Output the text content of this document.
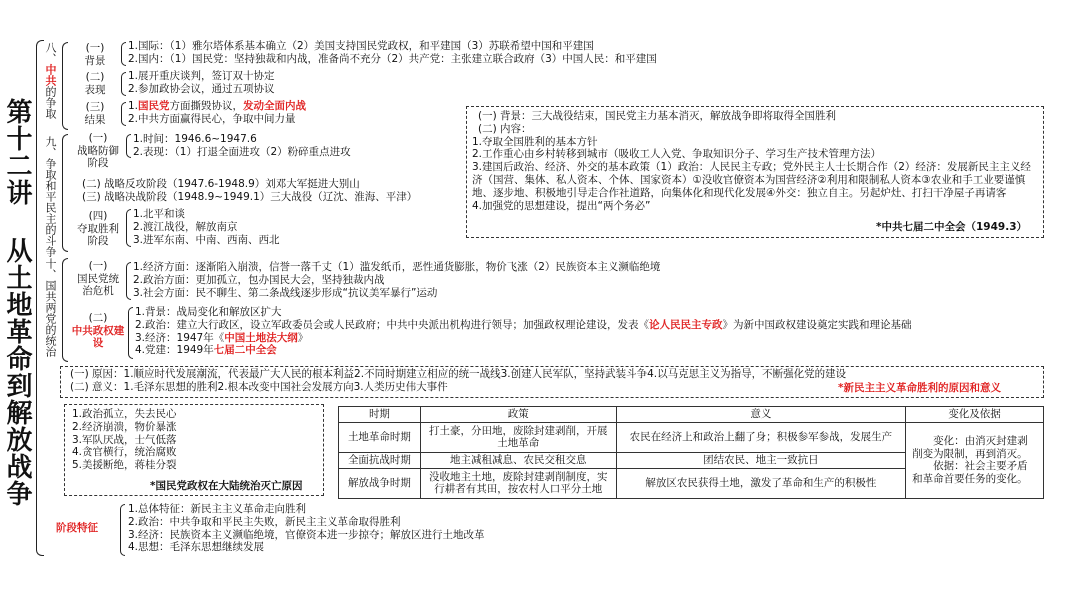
第十二讲 从土地革命到解放战争
八、中共的争取
(一)
背景
1.国际：（1）雅尔塔体系基本确立（2）美国支持国民党政权，和平建国（3）苏联希望中国和平建国
2.国内：（1）国民党：坚持独裁和内战，准备尚不充分（2）共产党：主张建立联合政府（3）中国人民：和平建国
(二)
表现
1.展开重庆谈判，签订双十协定
2.参加政协会议，通过五项协议
(三)
结果
1.国民党方面撕毁协议，发动全面内战
2.中共方面赢得民心，争取中间力量
九、争取和平民主的斗争	(一)
战略防御阶段
1.时间：1946.6~1947.6
2.表现：（1）打退全面进攻（2）粉碎重点进攻
(二) 战略反攻阶段（1947.6-1948.9）刘邓大军挺进大别山
(三) 战略决战阶段（1948.9~1949.1）三大战役（辽沈、淮海、平津）
(四)
夺取胜利阶段
1.北平和谈
2.渡江战役，解放南京
3.进军东南、中南、西南、西北
十、国共两党的统治	(一)
国民党统治危机
1.经济方面：逐渐陷入崩溃，信誉一落千丈（1）滥发纸币，恶性通货膨胀，物价飞涨（2）民族资本主义濒临绝境
2.政治方面：更加孤立，包办国民大会，坚持独裁内战
3.社会方面：民不聊生、第二条战线逐步形成“抗议美军暴行”运动
(二)
中共政权建设
1.背景：战局变化和解放区扩大
2.政治：建立大行政区，设立军政委员会或人民政府；中共中央派出机构进行领导；加强政权理论建设，发表《论人民民主专政》为新中国政权建设奠定实践和理论基础
3.经济：1947年《中国土地法大纲》
4.党建：1949年七届二中全会
(一) 原因：1.顺应时代发展潮流，代表最广大人民的根本利益2.不同时期建立相应的统一战线3.创建人民军队，坚持武装斗争4.以马克思主义为指导，不断强化党的建设
(二) 意义：1.毛泽东思想的胜利2.根本改变中国社会发展方向3.人类历史伟大事件	*新民主主义革命胜利的原因和意义
(一) 背景：三大战役结束，国民党主力基本消灭，解放战争即将取得全国胜利
(二) 内容：
1.夺取全国胜利的基本方针
2.工作重心由乡村转移到城市（吸收工人入党、争取知识分子、学习生产技术管理方法）
3.建国后政治、经济、外交的基本政策（1）政治：人民民主专政；党外民主人士长期合作（2）经济：发展新民主主义经济（国营、集体、私人资本、个体、国家资本）①没收官僚资本为国营经济②利用和限制私人资本③农业和手工业要谨慎地、逐步地、积极地引导走合作社道路，向集体化和现代化发展④外交：独立自主。另起炉灶、打扫干净屋子再请客
4.加强党的思想建设，提出“两个务必”
*中共七届二中全会（1949.3）
1.政治孤立，失去民心
2.经济崩溃，物价暴涨
3.军队厌战，士气低落
4.贪官横行，统治腐败
5.美援断绝，蒋桂分裂
*国民党政权在大陆统治灭亡原因
时期	政策	意义	变化及依据
土地革命时期	打土豪，分田地，废除封建剥削，开展土地革命	农民在经济上和政治上翻了身；积极参军参战，发展生产	变化：由消灭封建剥削变为限制，再到消灭。
依据：社会主要矛盾和革命首要任务的变化。

全面抗战时期	地主减租减息、农民交租交息	团结农民、地主一致抗日	
解放战争时期	没收地主土地，废除封建剥削制度，实行耕者有其田，按农村人口平分土地	解放区农民获得土地，激发了革命和生产的积极性	
阶段特征
1.总体特征：新民主主义革命走向胜利
2.政治：中共争取和平民主失败，新民主主义革命取得胜利
3.经济：民族资本主义濒临绝境，官僚资本进一步掠夺；解放区进行土地改革
4.思想：毛泽东思想继续发展
